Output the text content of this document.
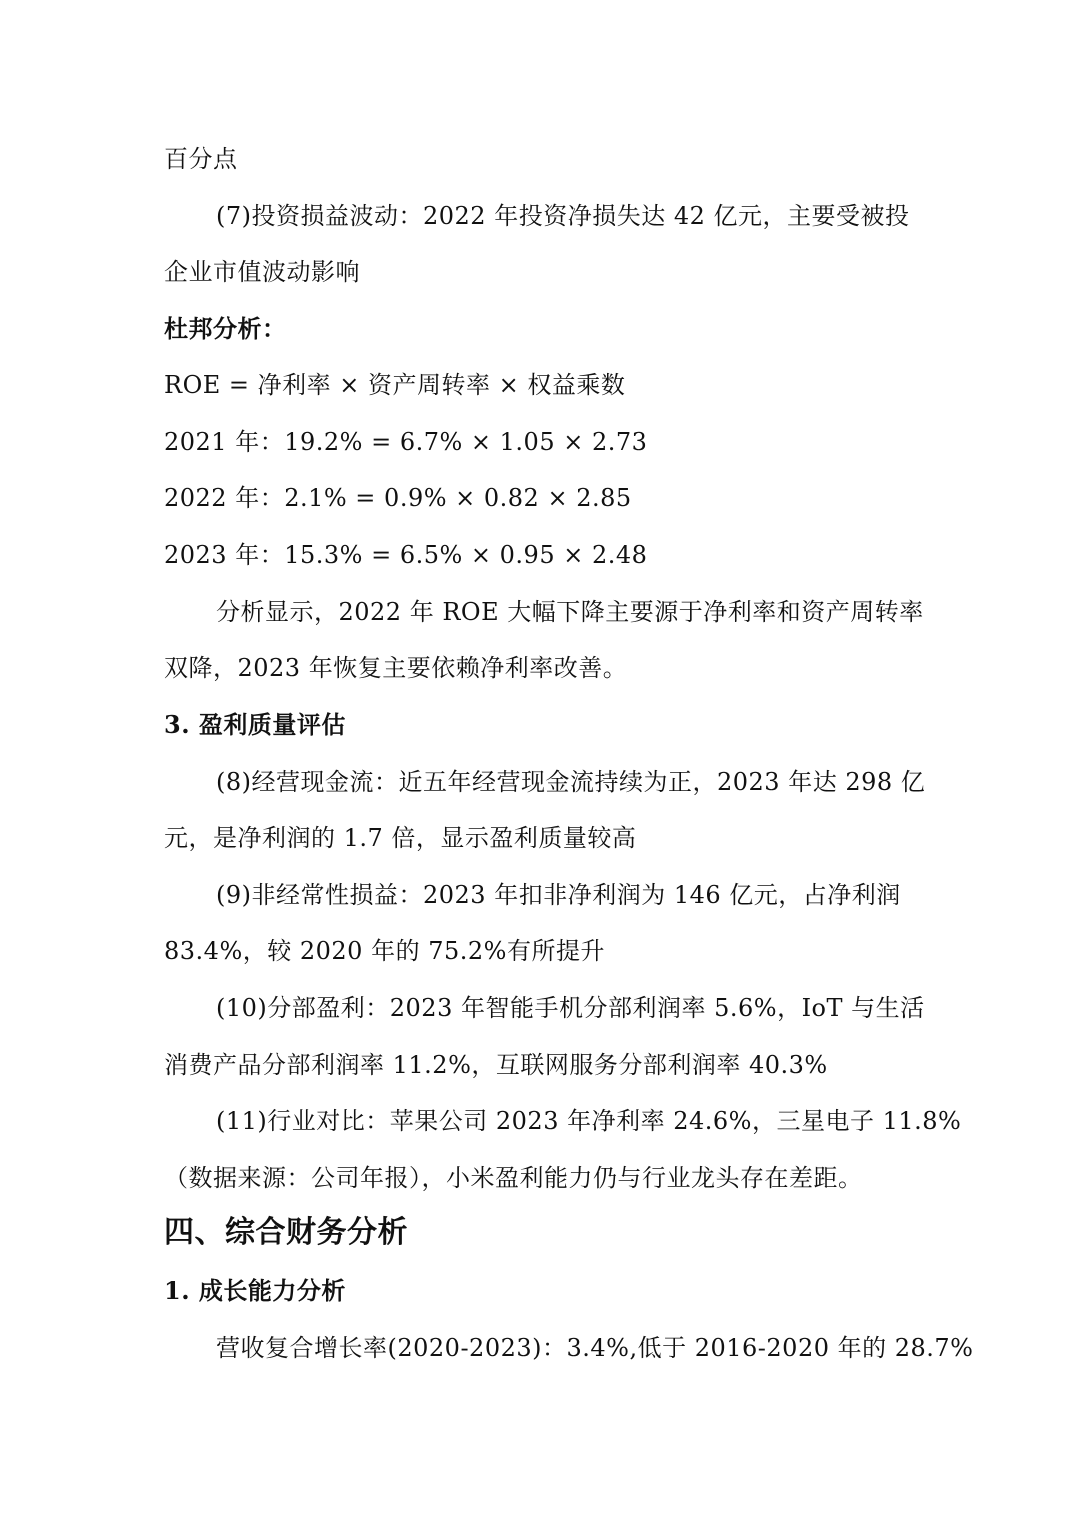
百分点
(7)投资损益波动：2022 年投资净损失达 42 亿元，主要受被投
企业市值波动影响
杜邦分析：
ROE = 净利率 × 资产周转率 × 权益乘数
2021 年：19.2% = 6.7% × 1.05 × 2.73
2022 年：2.1% = 0.9% × 0.82 × 2.85
2023 年：15.3% = 6.5% × 0.95 × 2.48
分析显示，2022 年 ROE 大幅下降主要源于净利率和资产周转率
双降，2023 年恢复主要依赖净利率改善。
3. 盈利质量评估
(8)经营现金流：近五年经营现金流持续为正，2023 年达 298 亿
元，是净利润的 1.7 倍，显示盈利质量较高
(9)非经常性损益：2023 年扣非净利润为 146 亿元，占净利润
83.4%，较 2020 年的 75.2%有所提升
(10)分部盈利：2023 年智能手机分部利润率 5.6%，IoT 与生活
消费产品分部利润率 11.2%，互联网服务分部利润率 40.3%
(11)行业对比：苹果公司 2023 年净利率 24.6%，三星电子 11.8%
（数据来源：公司年报），小米盈利能力仍与行业龙头存在差距。
四、综合财务分析
1. 成长能力分析
营收复合增长率(2020-2023)：3.4%,低于 2016-2020 年的 28.7%
